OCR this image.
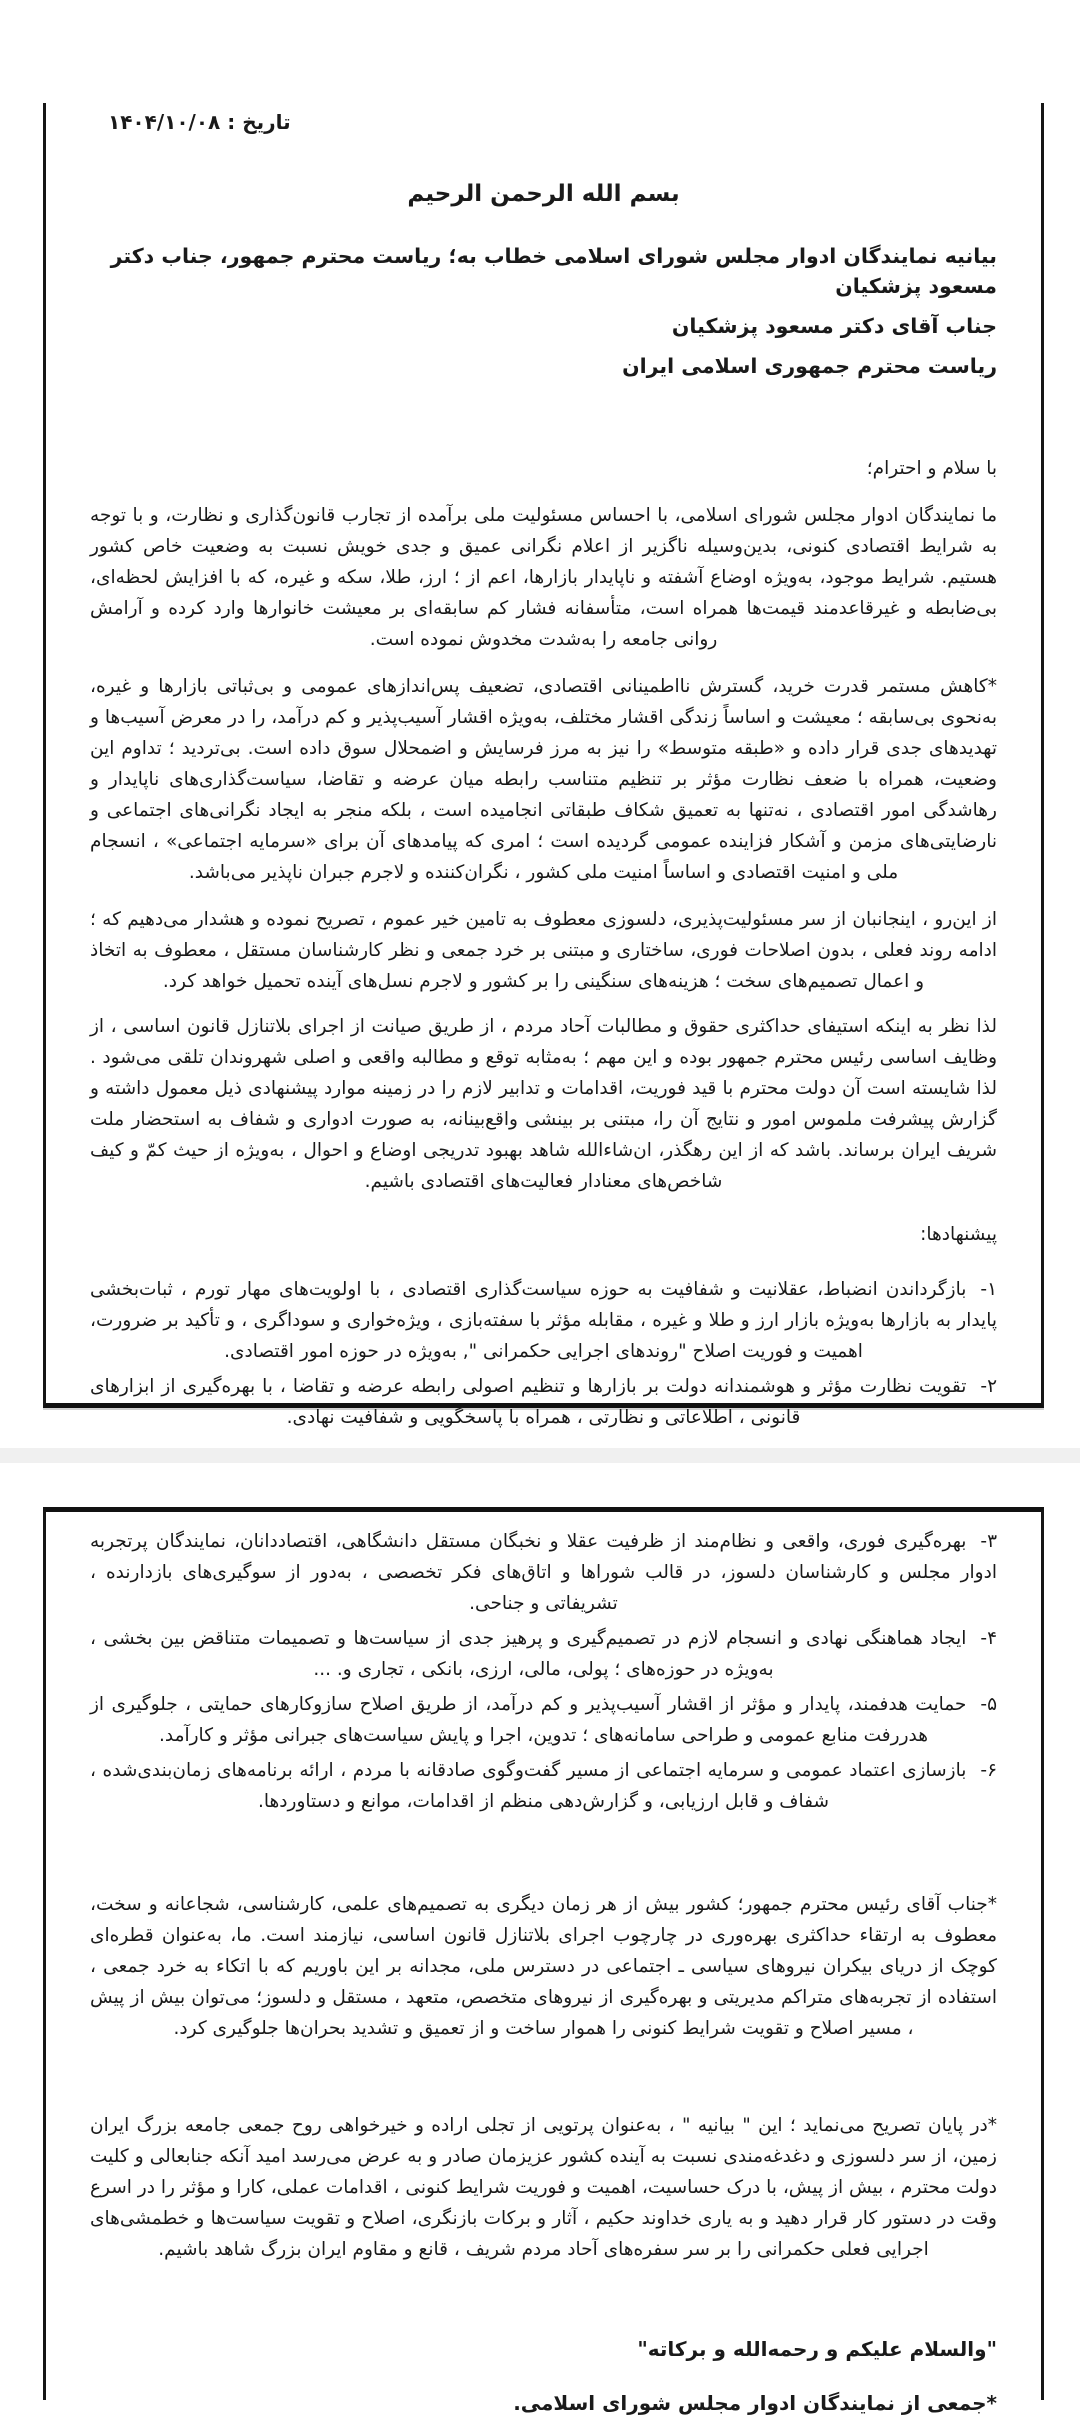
تاریخ : ۱۴۰۴/۱۰/۰۸
بسم الله الرحمن الرحیم
بیانیه نمایندگان ادوار مجلس شورای اسلامی خطاب به؛ ریاست محترم جمهور، جناب دکتر مسعود پزشکیان
جناب آقای دکتر مسعود پزشکیان
ریاست محترم جمهوری اسلامی ایران
با سلام و احترام؛

ما نمایندگان ادوار مجلس شورای اسلامی، با احساس مسئولیت ملی برآمده از تجارب قانون‌گذاری و نظارت، و با توجه به شرایط اقتصادی کنونی، بدین‌وسیله ناگزیر از اعلام نگرانی عمیق و جدی خویش نسبت به وضعیت خاص کشور هستیم. شرایط موجود، به‌ویژه اوضاع آشفته و ناپایدار بازارها، اعم از ؛ ارز، طلا، سکه و غیره، که با افزایش لحظه‌ای، بی‌ضابطه و غیرقاعدمند قیمت‌ها همراه است، متأسفانه فشار کم سابقه‌ای بر معیشت خانوارها وارد کرده و آرامش روانی جامعه را به‌شدت مخدوش نموده است.

*کاهش مستمر قدرت خرید، گسترش نااطمینانی اقتصادی، تضعیف پس‌اندازهای عمومی و بی‌ثباتی بازارها و غیره، به‌نحوی بی‌سابقه ؛ معیشت و اساساً زندگی اقشار مختلف، به‌ویژه اقشار آسیب‌پذیر و کم درآمد، را در معرض آسیب‌ها و تهدیدهای جدی قرار داده و «طبقه متوسط» را نیز به مرز فرسایش و اضمحلال سوق داده است. بی‌تردید ؛ تداوم این وضعیت، همراه با ضعف نظارت مؤثر بر تنظیم متناسب رابطه میان عرضه و تقاضا، سیاست‌گذاری‌های ناپایدار و رهاشدگی امور اقتصادی ، نه‌تنها به تعمیق شکاف طبقاتی انجامیده است ، بلکه منجر به ایجاد نگرانی‌های اجتماعی و نارضایتی‌های مزمن و آشکار فزاینده عمومی گردیده است ؛ امری که پیامدهای آن برای «سرمایه اجتماعی» ، انسجام ملی و امنیت اقتصادی و اساساً امنیت ملی کشور ، نگران‌کننده و لاجرم جبران ناپذیر می‌باشد.

از این‌رو ، اینجانبان از سر مسئولیت‌پذیری، دلسوزی معطوف به تامین خیر عموم ، تصریح نموده و هشدار می‌دهیم که ؛ ادامه روند فعلی ، بدون اصلاحات فوری، ساختاری و مبتنی بر خرد جمعی و نظر کارشناسان مستقل ، معطوف به اتخاذ و اعمال تصمیم‌های سخت ؛ هزینه‌های سنگینی را بر کشور و لاجرم نسل‌های آینده تحمیل خواهد کرد.

لذا نظر به اینکه استیفای حداکثری حقوق و مطالبات آحاد مردم ، از طریق صیانت از اجرای بلاتنازل قانون اساسی ، از وظایف اساسی رئیس محترم جمهور بوده و این مهم ؛ به‌مثابه توقع و مطالبه واقعی و اصلی شهروندان تلقی می‌شود . لذا شایسته است آن دولت محترم با قید فوریت، اقدامات و تدابیر لازم را در زمینه موارد پیشنهادی ذیل معمول داشته و گزارش پیشرفت ملموس امور و نتایج آن را، مبتنی بر بینشی واقع‌بینانه، به صورت ادواری و شفاف به استحضار ملت شریف ایران برساند. باشد که از این رهگذر، ان‌شاءالله شاهد بهبود تدریجی اوضاع و احوال ، به‌ویژه از حیث کمّ و کیف شاخص‌های معنادار فعالیت‌های اقتصادی باشیم.

پیشنهادها:

۱-بازگرداندن انضباط، عقلانیت و شفافیت به حوزه سیاست‌گذاری اقتصادی ، با اولویت‌های مهار تورم ، ثبات‌بخشی پایدار به بازارها به‌ویژه بازار ارز و طلا و غیره ، مقابله مؤثر با سفته‌بازی ، ویژه‌خواری و سوداگری ، و تأکید بر ضرورت، اهمیت و فوریت اصلاح "روندهای اجرایی حکمرانی ", به‌ویژه در حوزه امور اقتصادی.

۲-تقویت نظارت مؤثر و هوشمندانه دولت بر بازارها و تنظیم اصولی رابطه عرضه و تقاضا ، با بهره‌گیری از ابزارهای قانونی ، اطلاعاتی و نظارتی ، همراه با پاسخگویی و شفافیت نهادی.

۳-بهره‌گیری فوری، واقعی و نظام‌مند از ظرفیت عقلا و نخبگان مستقل دانشگاهی، اقتصاددانان، نمایندگان پرتجربه ادوار مجلس و کارشناسان دلسوز، در قالب شوراها و اتاق‌های فکر تخصصی ، به‌دور از سوگیری‌های بازدارنده ، تشریفاتی و جناحی.

۴-ایجاد هماهنگی نهادی و انسجام لازم در تصمیم‌گیری و پرهیز جدی از سیاست‌ها و تصمیمات متناقض بین بخشی ، به‌ویژه در حوزه‌های ؛ پولی، مالی، ارزی، بانکی ، تجاری و. ...

۵-حمایت هدفمند، پایدار و مؤثر از اقشار آسیب‌پذیر و کم درآمد، از طریق اصلاح سازوکارهای حمایتی ، جلوگیری از هدررفت منابع عمومی و طراحی سامانه‌های ؛ تدوین، اجرا و پایش سیاست‌های جبرانی مؤثر و کارآمد.

۶-بازسازی اعتماد عمومی و سرمایه اجتماعی از مسیر گفت‌وگوی صادقانه با مردم ، ارائه برنامه‌های زمان‌بندی‌شده ، شفاف و قابل ارزیابی، و گزارش‌دهی منظم از اقدامات، موانع و دستاوردها.

*جناب آقای رئیس محترم جمهور؛ کشور بیش از هر زمان دیگری به تصمیم‌های علمی، کارشناسی، شجاعانه و سخت، معطوف به ارتقاء حداکثری بهره‌وری در چارچوب اجرای بلاتنازل قانون اساسی، نیازمند است. ما، به‌عنوان قطره‌ای کوچک از دریای بیکران نیروهای سیاسی ـ اجتماعی در دسترس ملی، مجدانه بر این باوریم که با اتکاء به خرد جمعی ، استفاده از تجربه‌های متراکم مدیریتی و بهره‌گیری از نیروهای متخصص، متعهد ، مستقل و دلسوز؛ می‌توان بیش از پیش ، مسیر اصلاح و تقویت شرایط کنونی را هموار ساخت و از تعمیق و تشدید بحران‌ها جلوگیری کرد.

*در پایان تصریح می‌نماید ؛ این " بیانیه " ، به‌عنوان پرتویی از تجلی اراده و خیرخواهی روح جمعی جامعه بزرگ ایران زمین، از سر دلسوزی و دغدغه‌مندی نسبت به آینده کشور عزیزمان صادر و به عرض می‌رسد امید آنکه جنابعالی و کلیت دولت محترم ، بیش از پیش، با درک حساسیت، اهمیت و فوریت شرایط کنونی ، اقدامات عملی، کارا و مؤثر را در اسرع وقت در دستور کار قرار دهید و به یاری خداوند حکیم ، آثار و برکات بازنگری، اصلاح و تقویت سیاست‌ها و خطمشی‌های اجرایی فعلی حکمرانی را بر سر سفره‌های آحاد مردم شریف ، قانع و مقاوم ایران بزرگ شاهد باشیم.

"والسلام علیکم و رحمه‌الله و برکاته"
*جمعی از نمایندگان ادوار مجلس شورای اسلامی.
